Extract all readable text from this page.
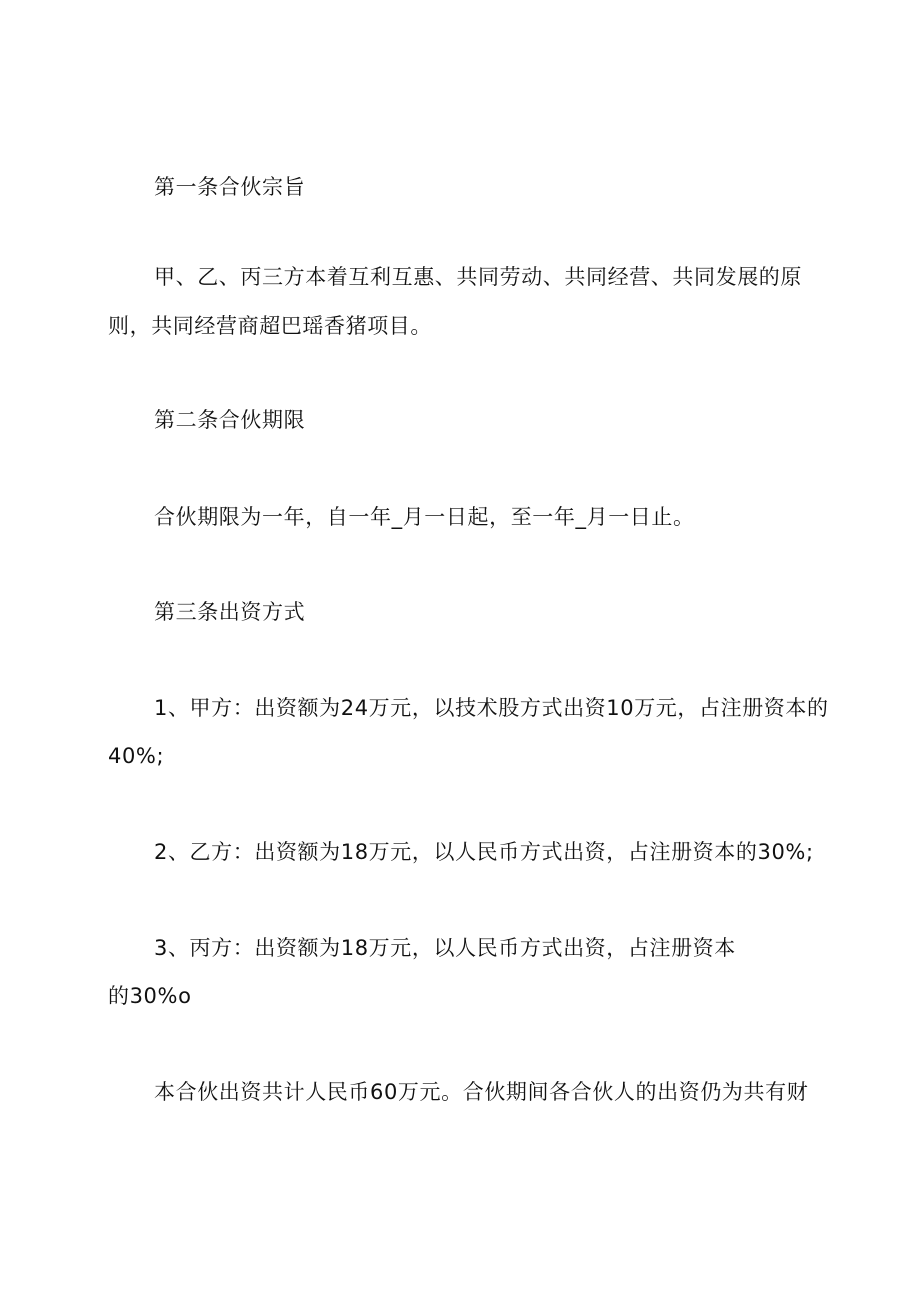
第一条合伙宗旨
甲、乙、丙三方本着互利互惠、共同劳动、共同经营、共同发展的原
则，共同经营商超巴瑶香猪项目。
第二条合伙期限
合伙期限为一年，自一年_月一日起，至一年_月一日止。
第三条出资方式
1、甲方：出资额为24万元，以技术股方式出资10万元，占注册资本的
40%;
2、乙方：出资额为18万元，以人民币方式出资，占注册资本的30%;
3、丙方：出资额为18万元，以人民币方式出资，占注册资本
的30%o
本合伙出资共计人民币60万元。合伙期间各合伙人的出资仍为共有财
